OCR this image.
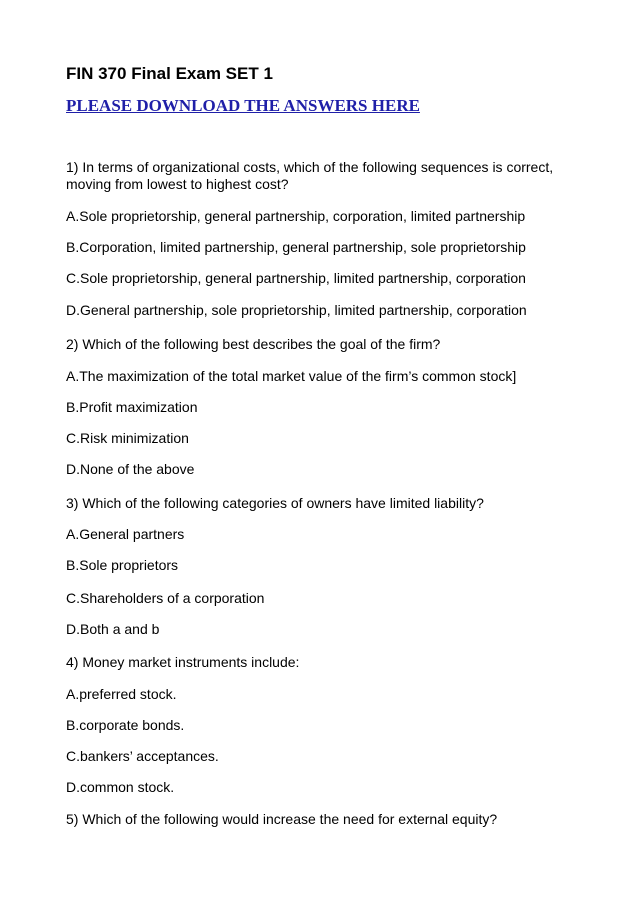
FIN 370 Final Exam SET 1
PLEASE DOWNLOAD THE ANSWERS HERE
1) In terms of organizational costs, which of the following sequences is correct, moving from lowest to highest cost?
A.Sole proprietorship, general partnership, corporation, limited partnership
B.Corporation, limited partnership, general partnership, sole proprietorship
C.Sole proprietorship, general partnership, limited partnership, corporation
D.General partnership, sole proprietorship, limited partnership, corporation
2) Which of the following best describes the goal of the firm?
A.The maximization of the total market value of the firm’s common stock]
B.Profit maximization
C.Risk minimization
D.None of the above
3) Which of the following categories of owners have limited liability?
A.General partners
B.Sole proprietors
C.Shareholders of a corporation
D.Both a and b
4) Money market instruments include:
A.preferred stock.
B.corporate bonds.
C.bankers’ acceptances.
D.common stock.
5) Which of the following would increase the need for external equity?
